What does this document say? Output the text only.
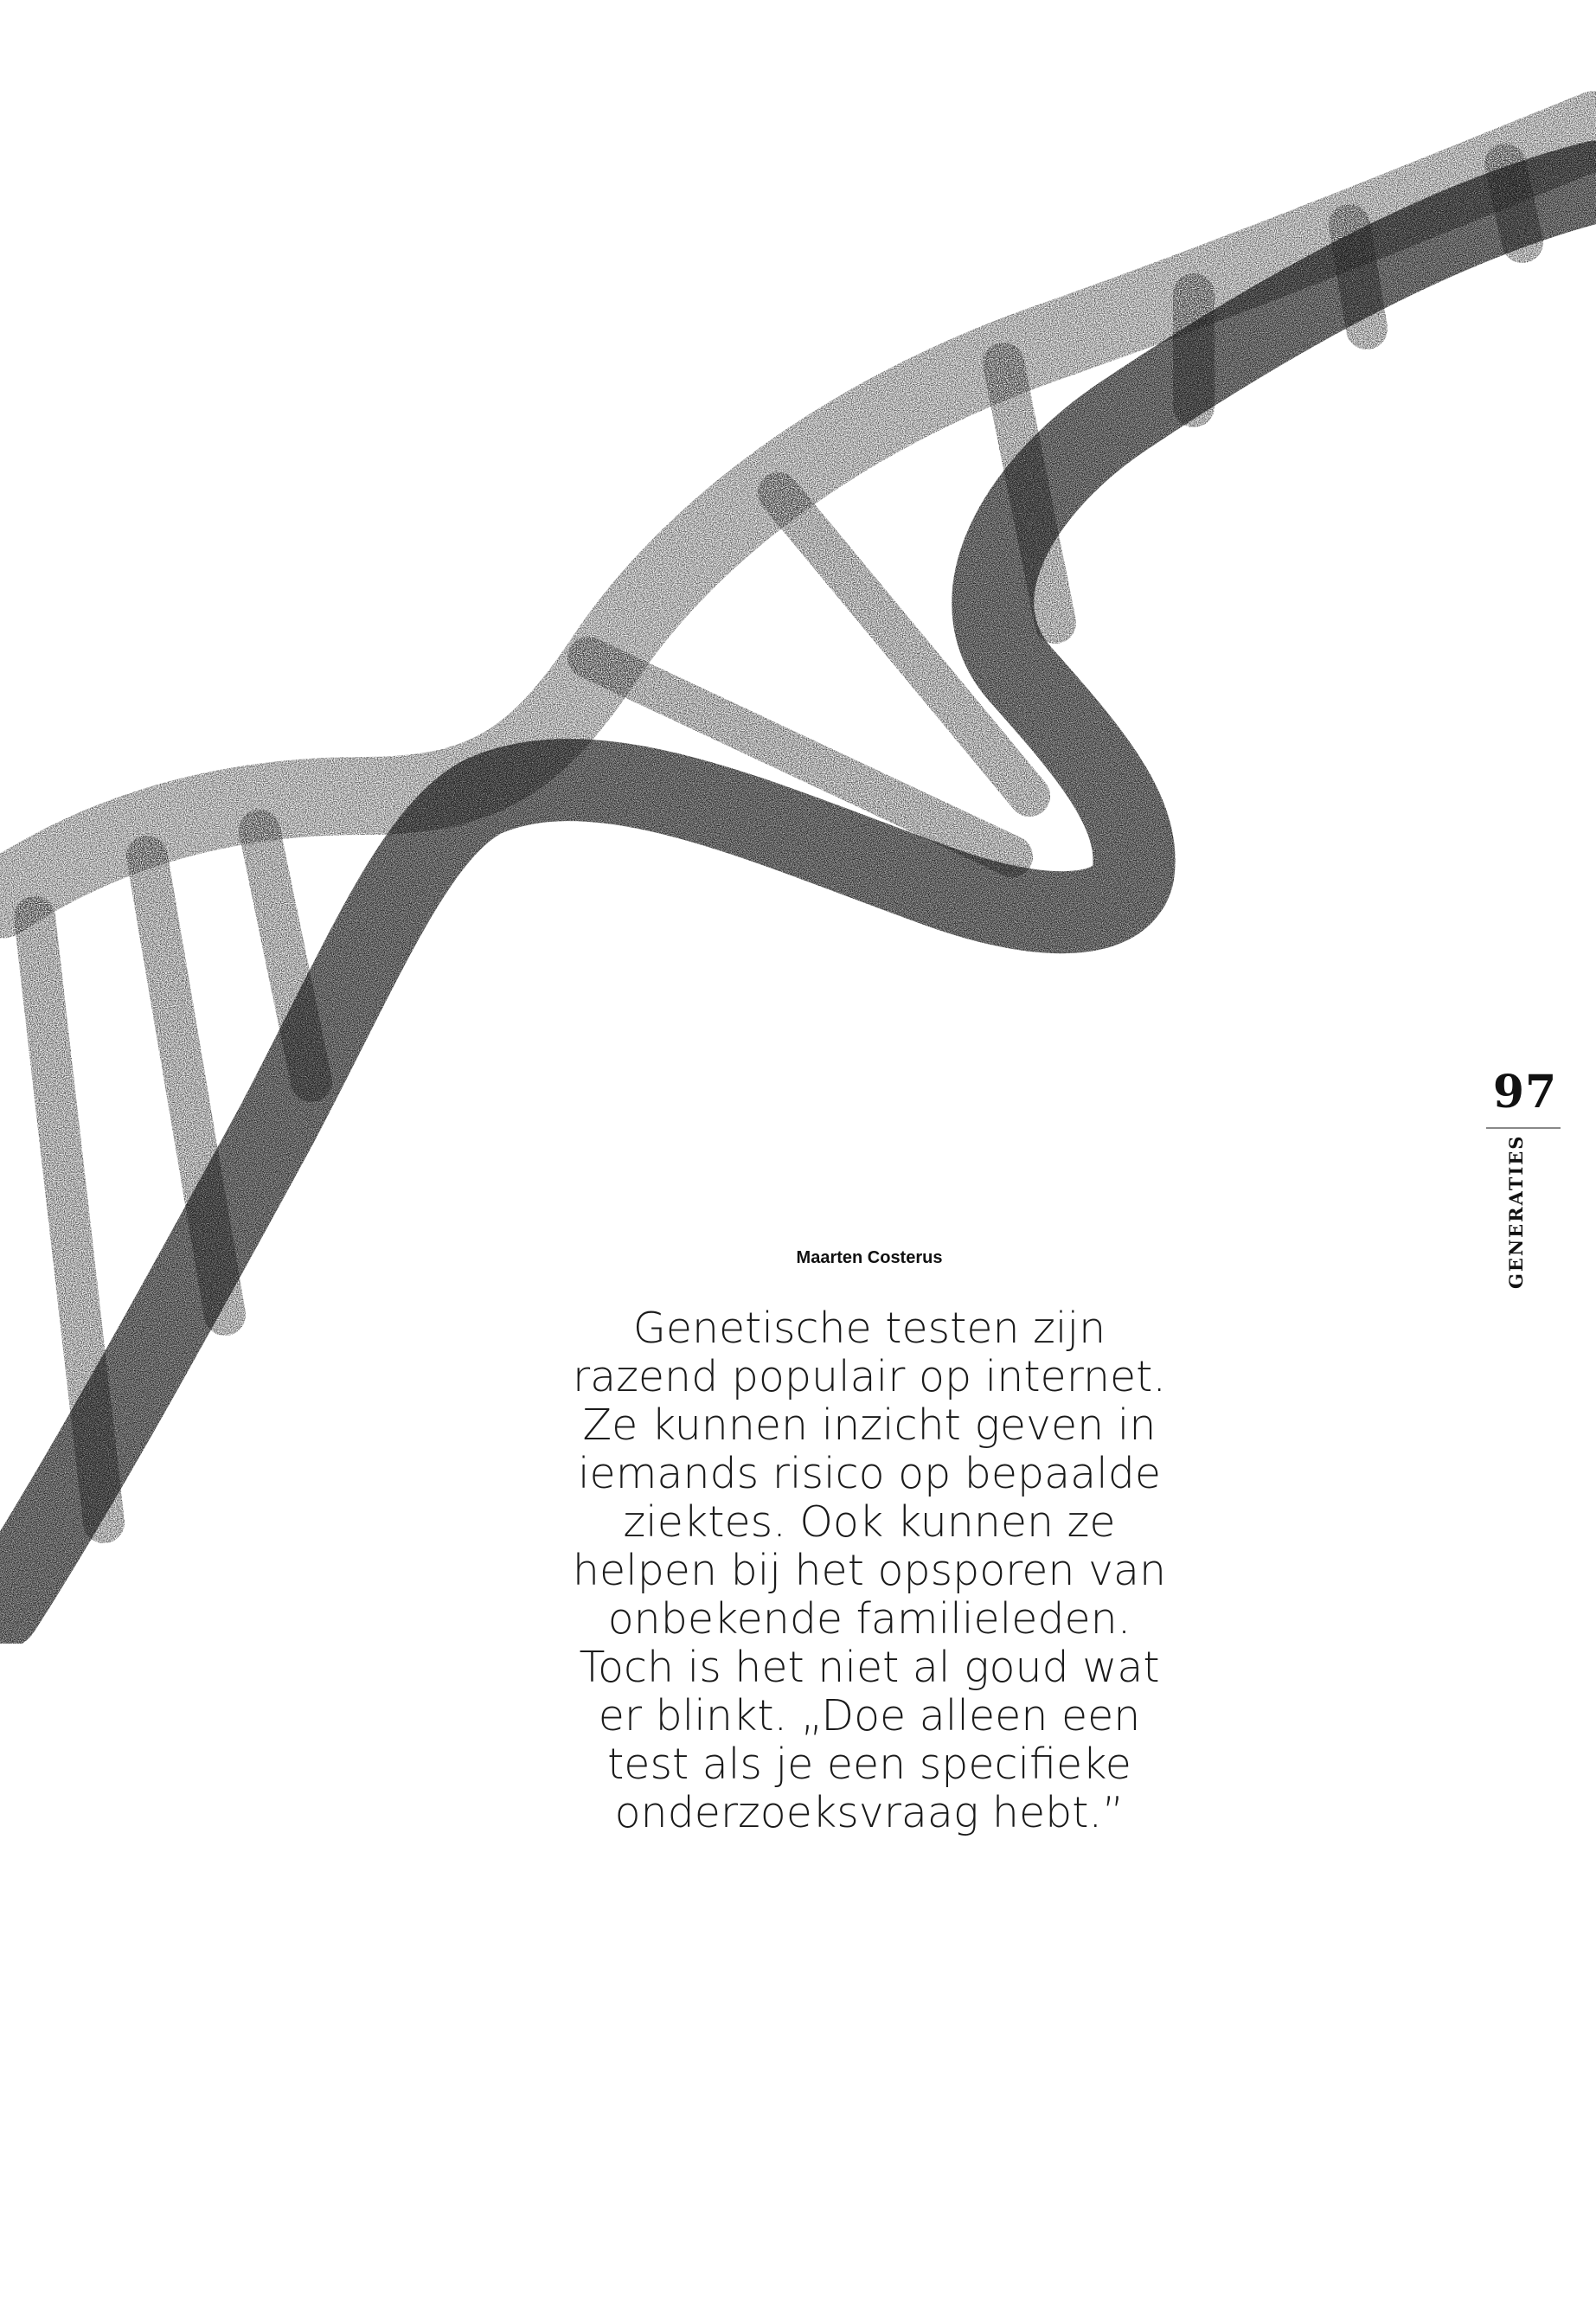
97
GENERATIES
Maarten Costerus
Genetische testen zijn
razend populair op internet.
Ze kunnen inzicht geven in
iemands risico op bepaalde
ziektes. Ook kunnen ze
helpen bij het opsporen van
onbekende familieleden.
Toch is het niet al goud wat
er blinkt. „Doe alleen een
test als je een specifieke
onderzoeksvraag hebt.”
